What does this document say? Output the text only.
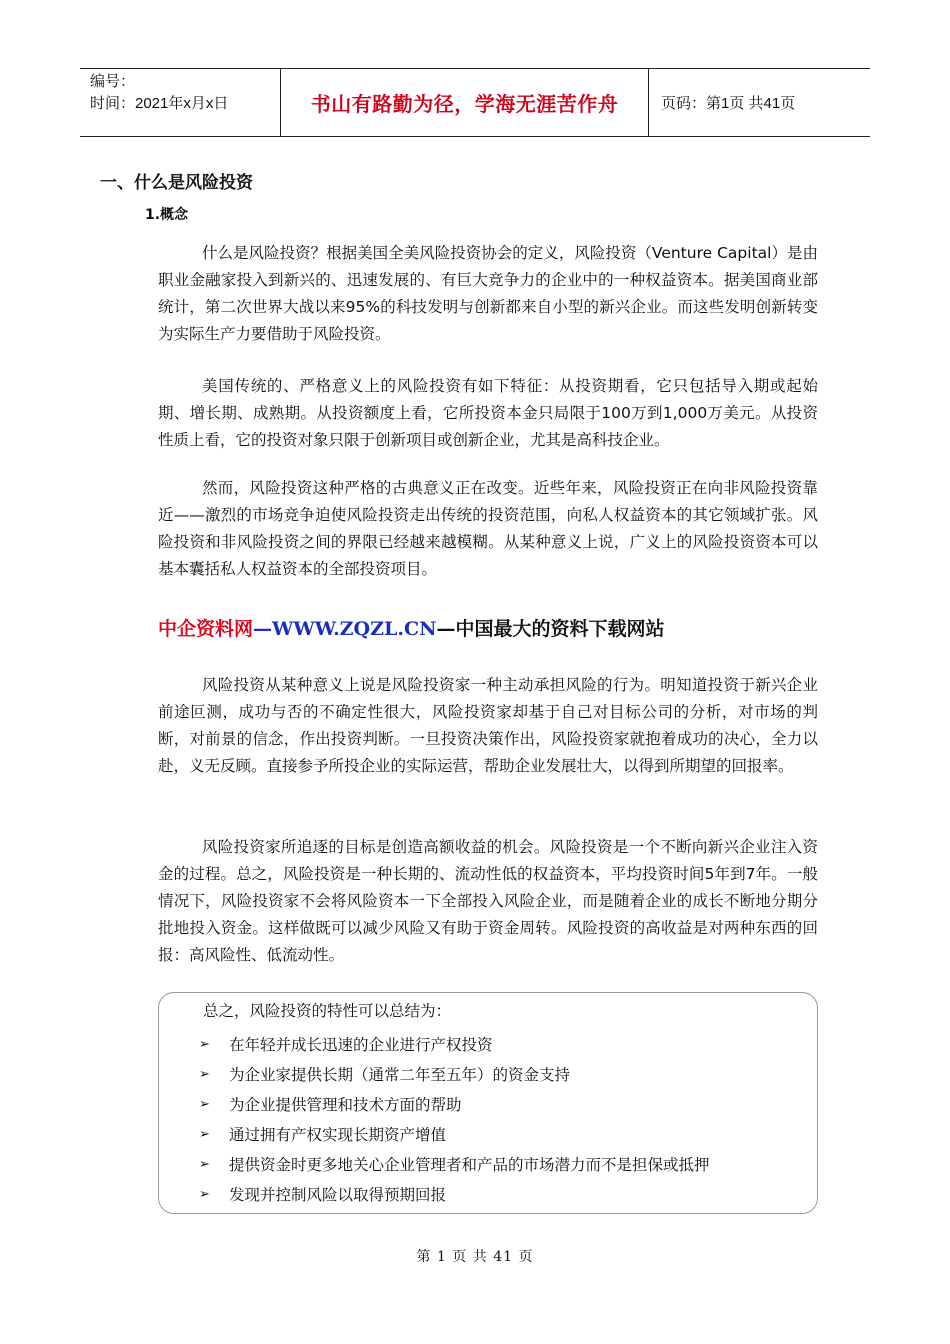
编号：
时间：2021年x月x日	书山有路勤为径，学海无涯苦作舟	页码：第1页 共41页
一、什么是风险投资
1.概念
什么是风险投资？根据美国全美风险投资协会的定义，风险投资（Venture Capital）是由职业金融家投入到新兴的、迅速发展的、有巨大竞争力的企业中的一种权益资本。据美国商业部统计，第二次世界大战以来95%的科技发明与创新都来自小型的新兴企业。而这些发明创新转变为实际生产力要借助于风险投资。
美国传统的、严格意义上的风险投资有如下特征：从投资期看，它只包括导入期或起始期、增长期、成熟期。从投资额度上看，它所投资本金只局限于100万到1,000万美元。从投资性质上看，它的投资对象只限于创新项目或创新企业，尤其是高科技企业。
然而，风险投资这种严格的古典意义正在改变。近些年来，风险投资正在向非风险投资靠近——激烈的市场竞争迫使风险投资走出传统的投资范围，向私人权益资本的其它领域扩张。风险投资和非风险投资之间的界限已经越来越模糊。从某种意义上说，广义上的风险投资资本可以基本囊括私人权益资本的全部投资项目。
中企资料网—WWW.ZQZL.CN—中国最大的资料下载网站
风险投资从某种意义上说是风险投资家一种主动承担风险的行为。明知道投资于新兴企业前途叵测，成功与否的不确定性很大，风险投资家却基于自己对目标公司的分析，对市场的判断，对前景的信念，作出投资判断。一旦投资决策作出，风险投资家就抱着成功的决心，全力以赴，义无反顾。直接参予所投企业的实际运营，帮助企业发展壮大，以得到所期望的回报率。
风险投资家所追逐的目标是创造高额收益的机会。风险投资是一个不断向新兴企业注入资金的过程。总之，风险投资是一种长期的、流动性低的权益资本，平均投资时间5年到7年。一般情况下，风险投资家不会将风险资本一下全部投入风险企业，而是随着企业的成长不断地分期分批地投入资金。这样做既可以减少风险又有助于资金周转。风险投资的高收益是对两种东西的回报：高风险性、低流动性。
总之，风险投资的特性可以总结为：
➢	在年轻并成长迅速的企业进行产权投资
➢	为企业家提供长期（通常二年至五年）的资金支持
➢	为企业提供管理和技术方面的帮助
➢	通过拥有产权实现长期资产增值
➢	提供资金时更多地关心企业管理者和产品的市场潜力而不是担保或抵押
➢	发现并控制风险以取得预期回报
第 1 页 共 41 页
